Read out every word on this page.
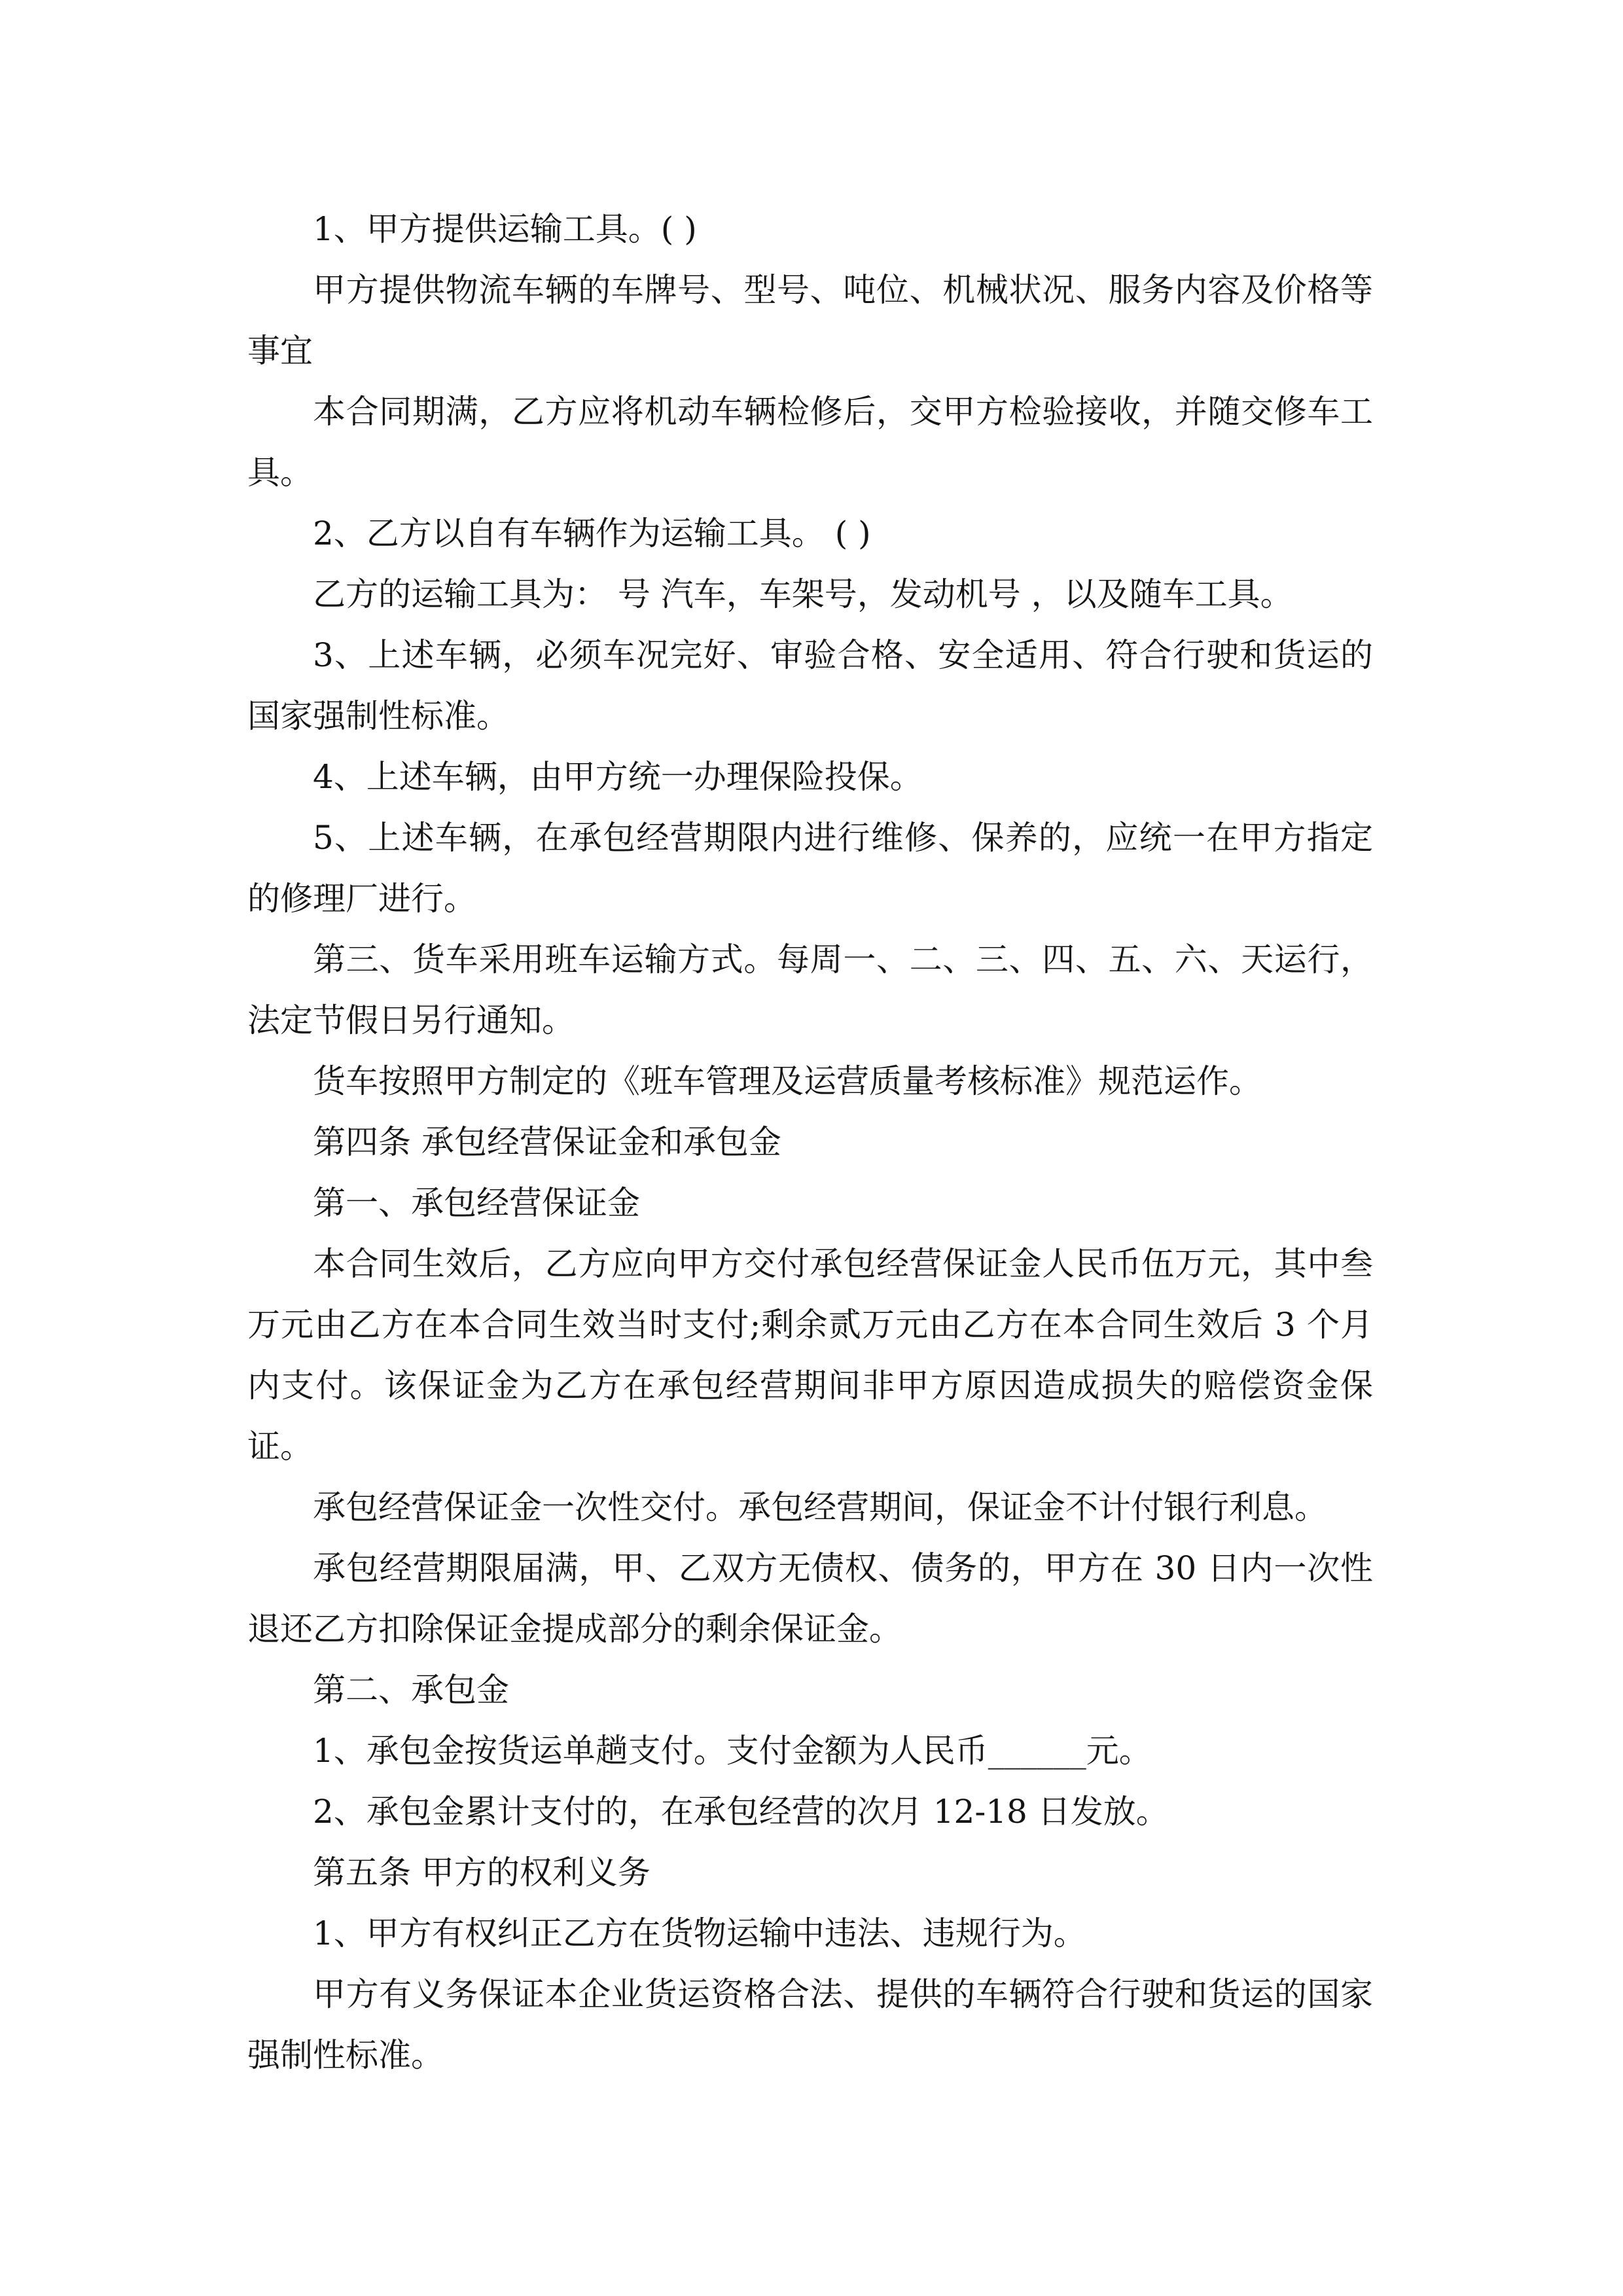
1、甲方提供运输工具。( )

甲方提供物流车辆的车牌号、型号、吨位、机械状况、服务内容及价格等事宜

本合同期满，乙方应将机动车辆检修后，交甲方检验接收，并随交修车工具。

2、乙方以自有车辆作为运输工具。 ( )

乙方的运输工具为： 号 汽车，车架号，发动机号 ，以及随车工具。

3、上述车辆，必须车况完好、审验合格、安全适用、符合行驶和货运的国家强制性标准。

4、上述车辆，由甲方统一办理保险投保。

5、上述车辆，在承包经营期限内进行维修、保养的，应统一在甲方指定的修理厂进行。

第三、货车采用班车运输方式。每周一、二、三、四、五、六、天运行，法定节假日另行通知。

货车按照甲方制定的《班车管理及运营质量考核标准》规范运作。

第四条 承包经营保证金和承包金

第一、承包经营保证金

本合同生效后，乙方应向甲方交付承包经营保证金人民币伍万元，其中叁万元由乙方在本合同生效当时支付;剩余贰万元由乙方在本合同生效后 3 个月内支付。该保证金为乙方在承包经营期间非甲方原因造成损失的赔偿资金保证。

承包经营保证金一次性交付。承包经营期间，保证金不计付银行利息。

承包经营期限届满，甲、乙双方无债权、债务的，甲方在 30 日内一次性退还乙方扣除保证金提成部分的剩余保证金。

第二、承包金

1、承包金按货运单趟支付。支付金额为人民币______元。

2、承包金累计支付的，在承包经营的次月 12-18 日发放。

第五条 甲方的权利义务

1、甲方有权纠正乙方在货物运输中违法、违规行为。

甲方有义务保证本企业货运资格合法、提供的车辆符合行驶和货运的国家强制性标准。
